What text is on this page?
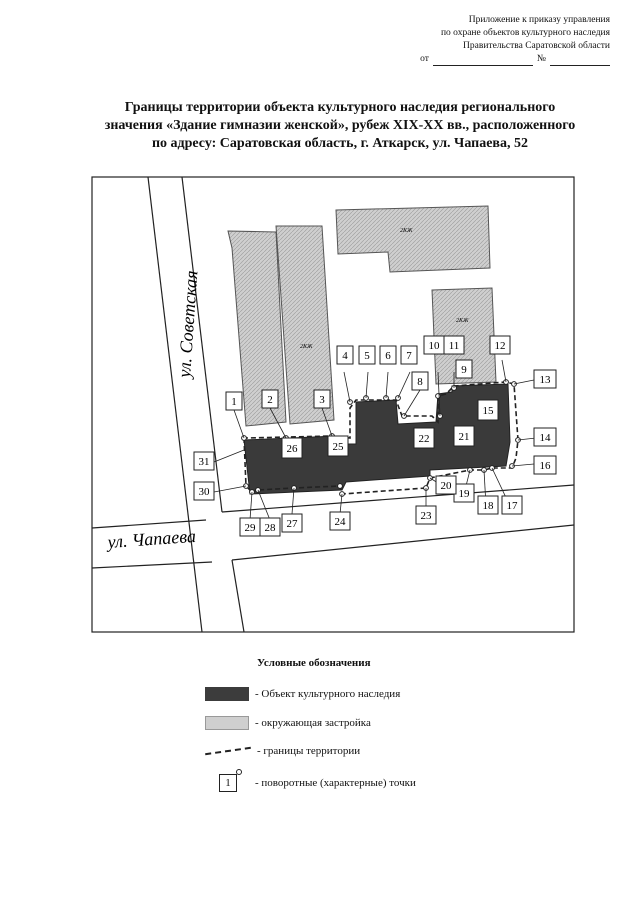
Приложение к приказу управления
по охране объектов культурного наследия
Правительства Саратовской области
от	№
Границы территории объекта культурного наследия регионального
значения «Здание гимназии женской», рубеж XIX-XX вв., расположенного
по адресу: Саратовская область, г. Аткарск, ул. Чапаева, 52
ул. Советская
ул. Чапаева
2КЖ
2КЖ
2КЖ
1	2	3
4 5 6 7
8
9
10 11	12
13
14
15
16
17
18
19
20
21
22
23
24
25
26
27
28
29
30
31
Условные обозначения
- Объект культурного наследия
- окружающая застройка
- границы территории
1	- поворотные (характерные) точки
